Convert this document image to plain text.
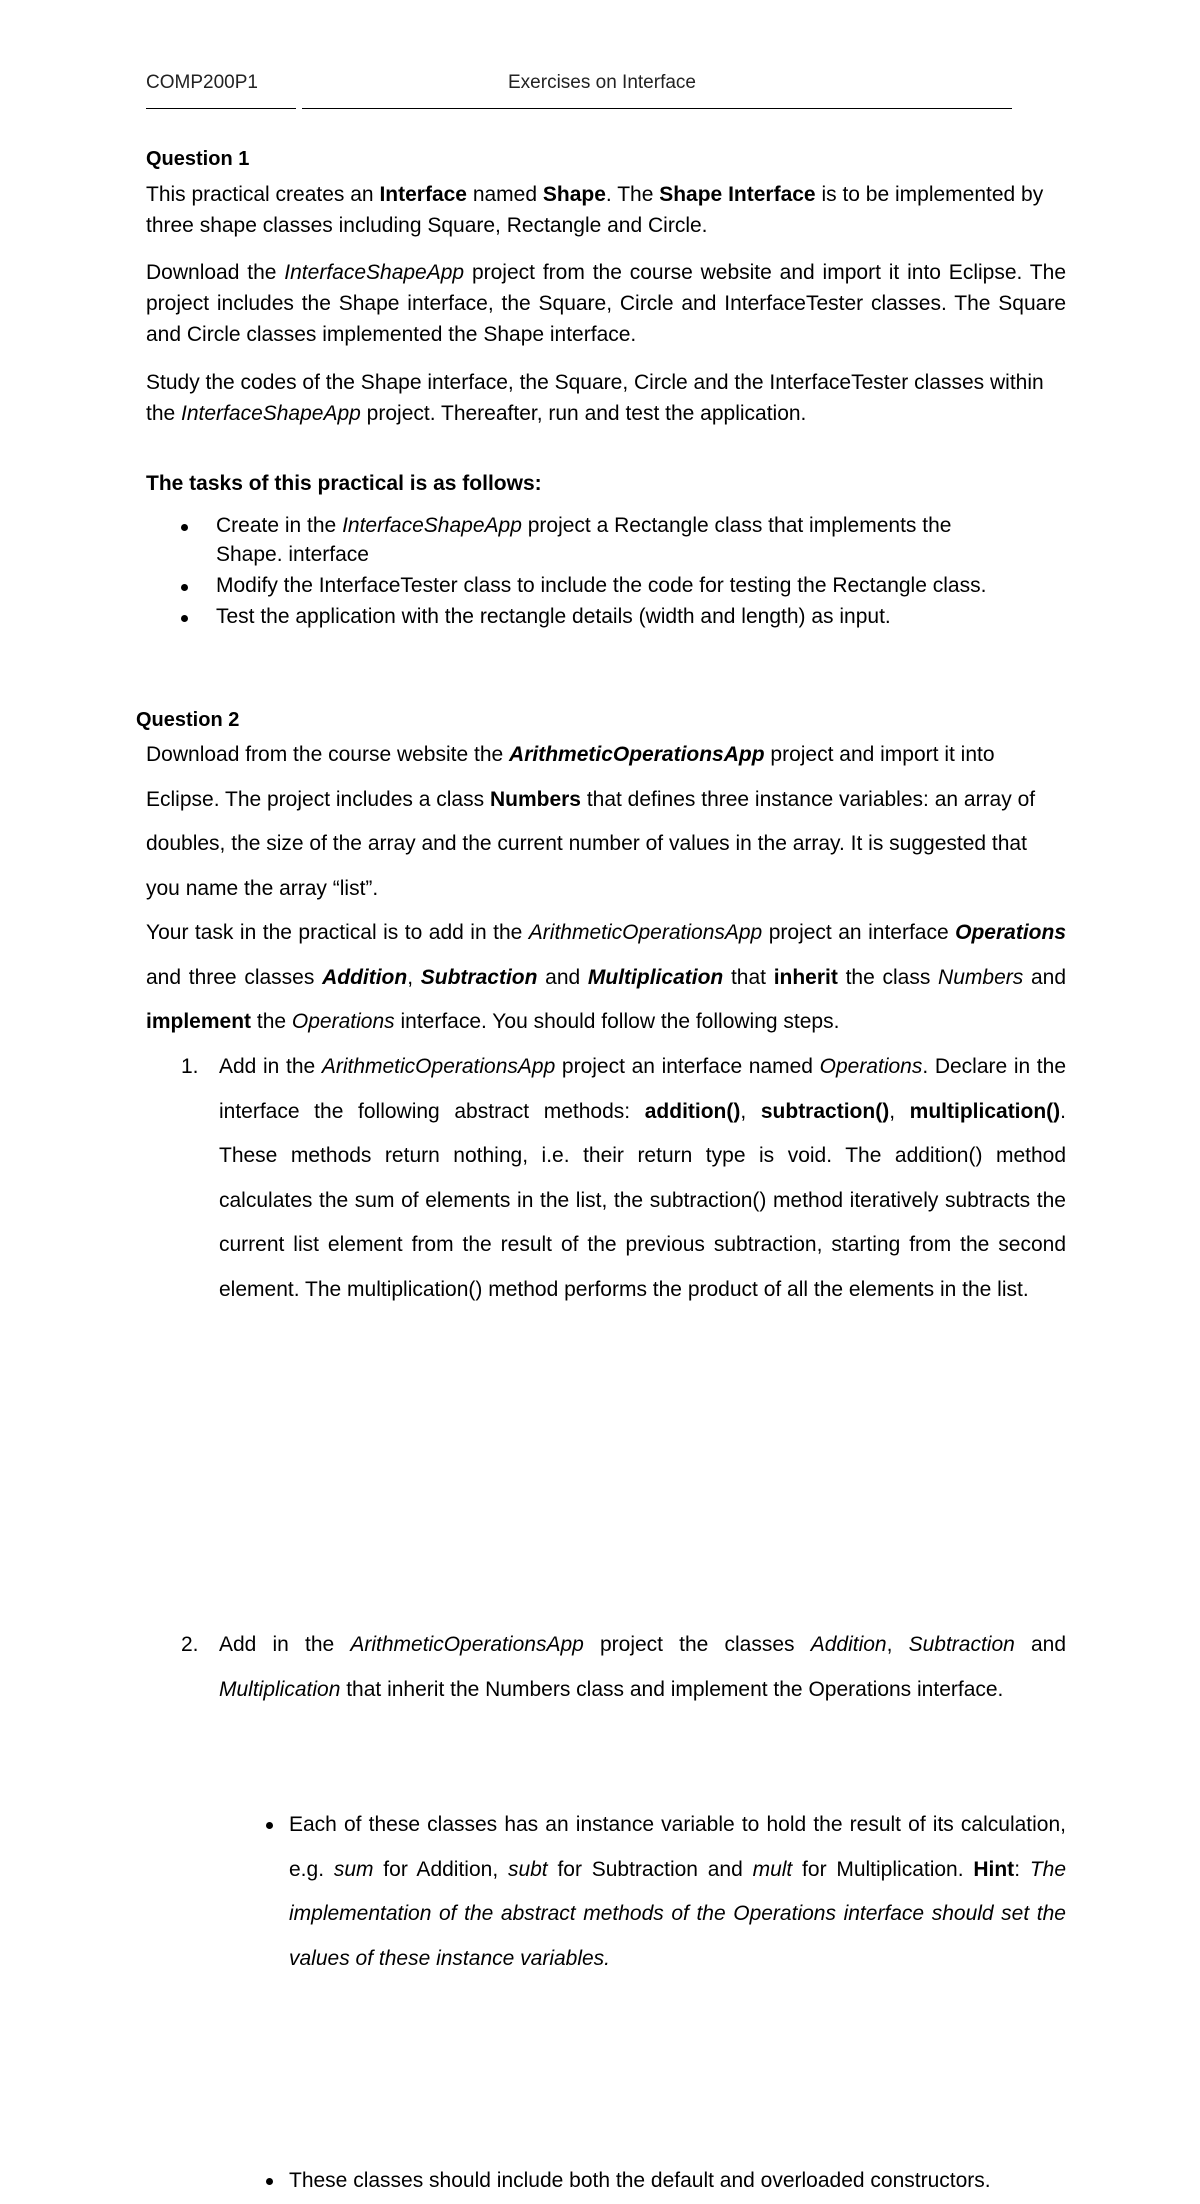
COMP200P1	Exercises on Interface
Question 1
This practical creates an Interface named Shape. The Shape Interface is to be implemented by three shape classes including Square, Rectangle and Circle.
Download the InterfaceShapeApp project from the course website and import it into Eclipse. The project includes the Shape interface, the Square, Circle and InterfaceTester classes. The Square and Circle classes implemented the Shape interface.
Study the codes of the Shape interface, the Square, Circle and the InterfaceTester classes within the InterfaceShapeApp project. Thereafter, run and test the application.
The tasks of this practical is as follows:
Create in the InterfaceShapeApp project a Rectangle class that implements the Shape. interface
Modify the InterfaceTester class to include the code for testing the Rectangle class.
Test the application with the rectangle details (width and length) as input.
Question 2
Download from the course website the ArithmeticOperationsApp project and import it into Eclipse. The project includes a class Numbers that defines three instance variables: an array of doubles, the size of the array and the current number of values in the array. It is suggested that you name the array “list”.
Your task in the practical is to add in the ArithmeticOperationsApp project an interface Operations and three classes Addition, Subtraction and Multiplication that inherit the class Numbers and implement the Operations interface. You should follow the following steps.
1. Add in the ArithmeticOperationsApp project an interface named Operations. Declare in the interface the following abstract methods: addition(), subtraction(), multiplication(). These methods return nothing, i.e. their return type is void. The addition() method calculates the sum of elements in the list, the subtraction() method iteratively subtracts the current list element from the result of the previous subtraction, starting from the second element. The multiplication() method performs the product of all the elements in the list.
2. Add in the ArithmeticOperationsApp project the classes Addition, Subtraction and Multiplication that inherit the Numbers class and implement the Operations interface.
Each of these classes has an instance variable to hold the result of its calculation, e.g. sum for Addition, subt for Subtraction and mult for Multiplication. Hint: The implementation of the abstract methods of the Operations interface should set the values of these instance variables.
These classes should include both the default and overloaded constructors.
